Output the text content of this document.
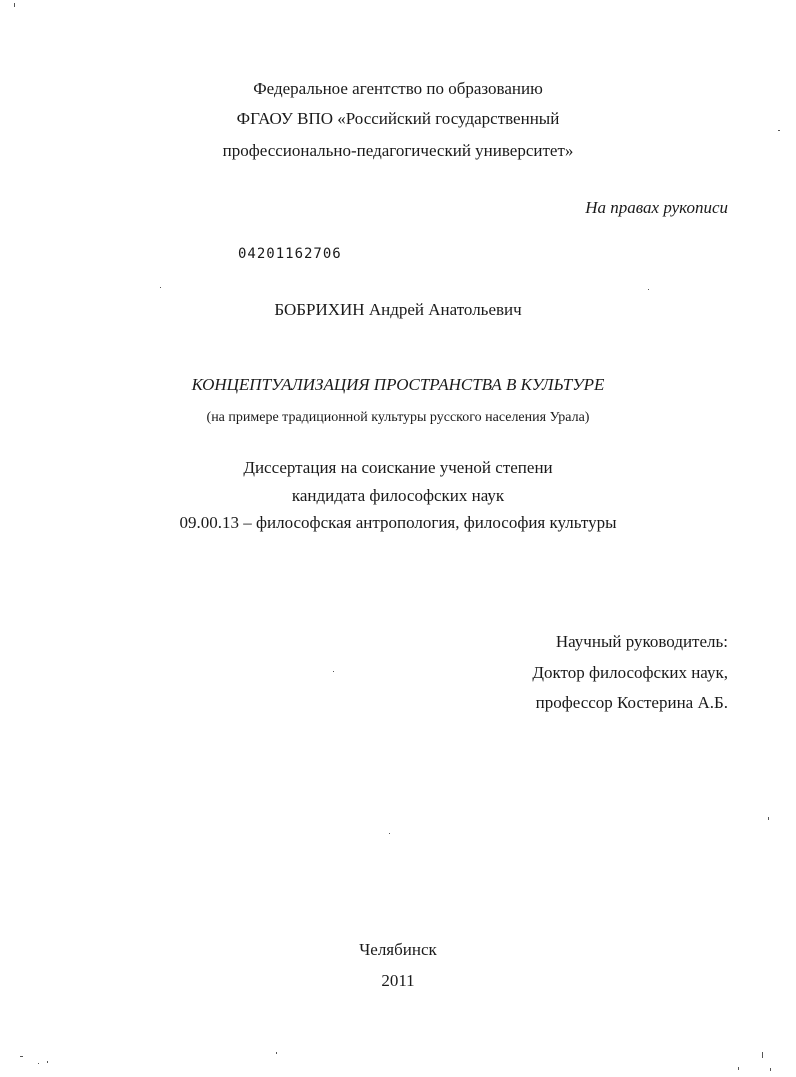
Федеральное агентство по образованию
ФГАОУ ВПО «Российский государственный
профессионально-педагогический университет»
На правах рукописи
04201162706
БОБРИХИН Андрей Анатольевич
КОНЦЕПТУАЛИЗАЦИЯ ПРОСТРАНСТВА В КУЛЬТУРЕ
(на примере традиционной культуры русского населения Урала)
Диссертация на соискание ученой степени
кандидата философских наук
09.00.13 – философская антропология, философия культуры
Научный руководитель:
Доктор философских наук,
профессор Костерина А.Б.
Челябинск
2011
